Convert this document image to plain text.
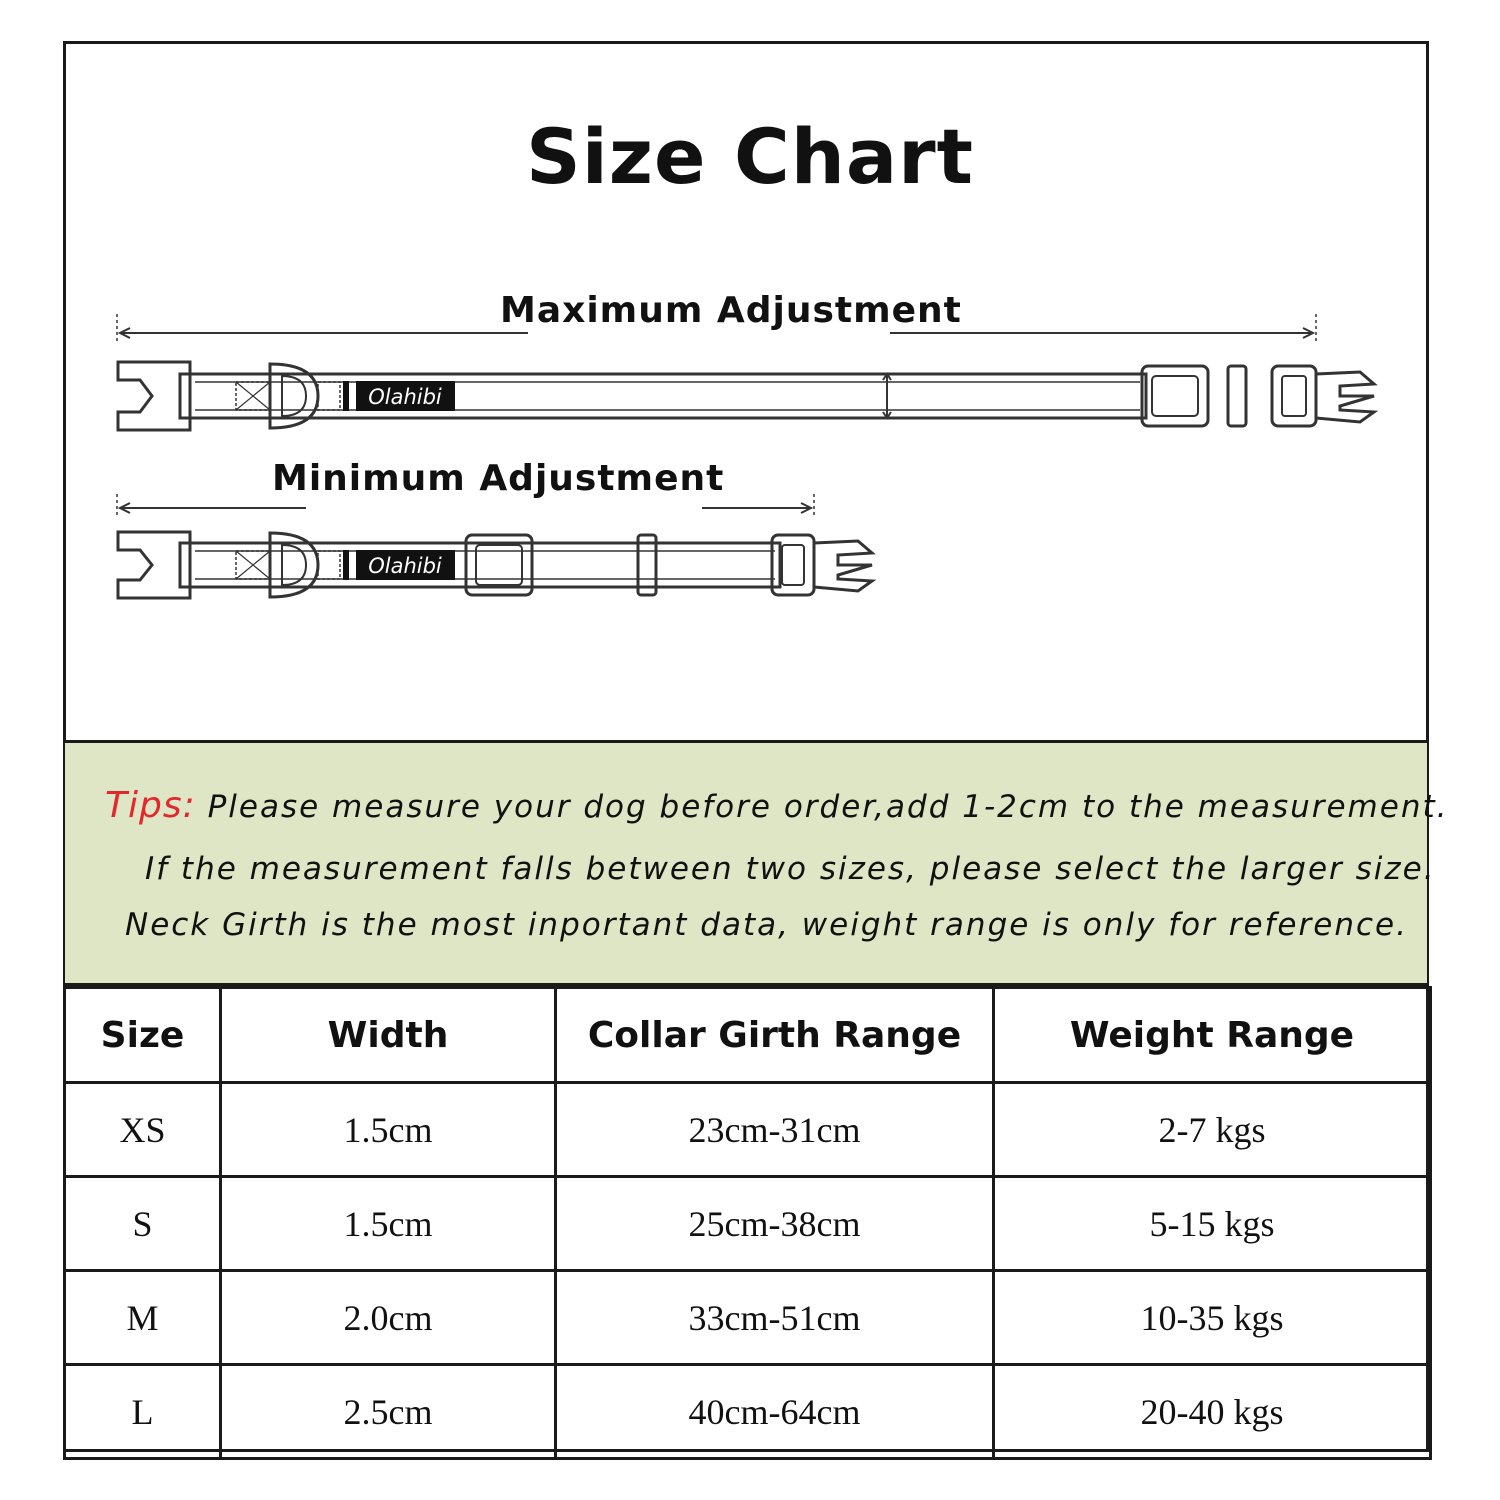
Size Chart
Olahibi
Olahibi
Maximum Adjustment
Minimum Adjustment
Tips: Please measure your dog before order,add 1-2cm to the measurement.
If the measurement falls between two sizes, please select the larger size.
Neck Girth is the most inportant data, weight range is only for reference.
Size	Width	Collar Girth Range	Weight Range
XS	1.5cm	23cm-31cm	2-7 kgs
S	1.5cm	25cm-38cm	5-15 kgs
M	2.0cm	33cm-51cm	10-35 kgs
L	2.5cm	40cm-64cm	20-40 kgs
